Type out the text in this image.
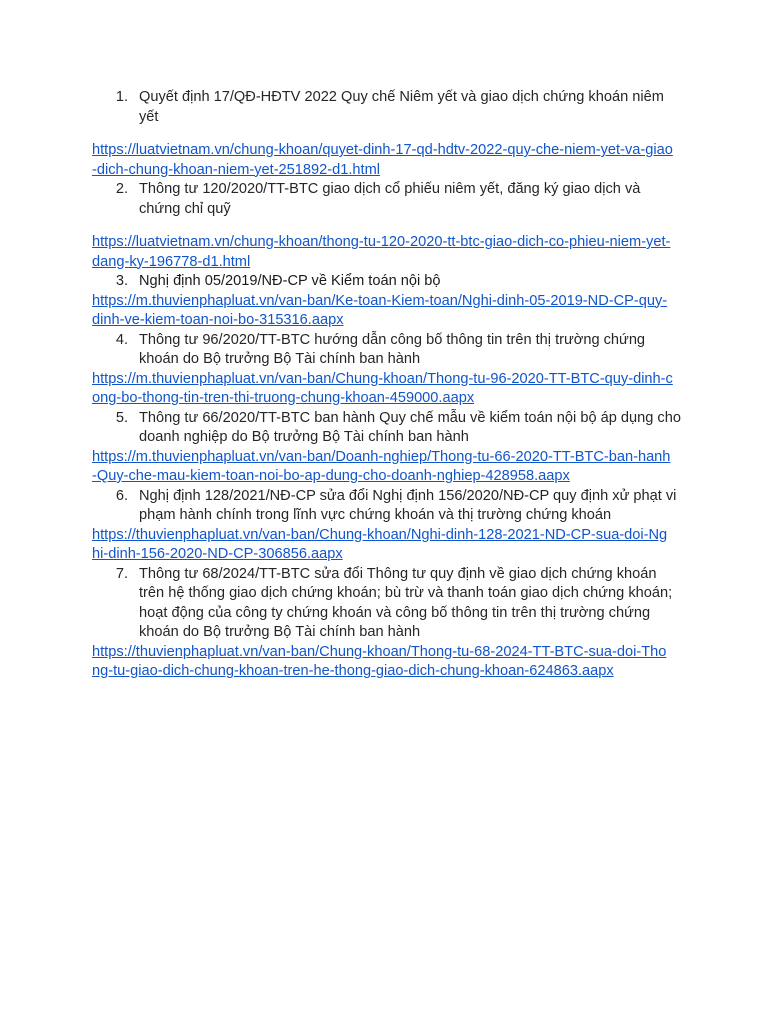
1. Quyết định 17/QĐ-HĐTV 2022 Quy chế Niêm yết và giao dịch chứng khoán niêm yết
https://luatvietnam.vn/chung-khoan/quyet-dinh-17-qd-hdtv-2022-quy-che-niem-yet-va-giao-dich-chung-khoan-niem-yet-251892-d1.html
2. Thông tư 120/2020/TT-BTC giao dịch cổ phiếu niêm yết, đăng ký giao dịch và chứng chỉ quỹ
https://luatvietnam.vn/chung-khoan/thong-tu-120-2020-tt-btc-giao-dich-co-phieu-niem-yet-dang-ky-196778-d1.html
3. Nghị định 05/2019/NĐ-CP về Kiểm toán nội bộ
https://m.thuvienphapluat.vn/van-ban/Ke-toan-Kiem-toan/Nghi-dinh-05-2019-ND-CP-quy-dinh-ve-kiem-toan-noi-bo-315316.aapx
4. Thông tư 96/2020/TT-BTC hướng dẫn công bố thông tin trên thị trường chứng khoán do Bộ trưởng Bộ Tài chính ban hành
https://m.thuvienphapluat.vn/van-ban/Chung-khoan/Thong-tu-96-2020-TT-BTC-quy-dinh-cong-bo-thong-tin-tren-thi-truong-chung-khoan-459000.aapx
5. Thông tư 66/2020/TT-BTC ban hành Quy chế mẫu về kiểm toán nội bộ áp dụng cho doanh nghiệp do Bộ trưởng Bộ Tài chính ban hành
https://m.thuvienphapluat.vn/van-ban/Doanh-nghiep/Thong-tu-66-2020-TT-BTC-ban-hanh-Quy-che-mau-kiem-toan-noi-bo-ap-dung-cho-doanh-nghiep-428958.aapx
6. Nghị định 128/2021/NĐ-CP sửa đổi Nghị định 156/2020/NĐ-CP quy định xử phạt vi phạm hành chính trong lĩnh vực chứng khoán và thị trường chứng khoán
https://thuvienphapluat.vn/van-ban/Chung-khoan/Nghi-dinh-128-2021-ND-CP-sua-doi-Nghi-dinh-156-2020-ND-CP-306856.aapx
7. Thông tư 68/2024/TT-BTC sửa đổi Thông tư quy định về giao dịch chứng khoán trên hệ thống giao dịch chứng khoán; bù trừ và thanh toán giao dịch chứng khoán; hoạt động của công ty chứng khoán và công bố thông tin trên thị trường chứng khoán do Bộ trưởng Bộ Tài chính ban hành
https://thuvienphapluat.vn/van-ban/Chung-khoan/Thong-tu-68-2024-TT-BTC-sua-doi-Thong-tu-giao-dich-chung-khoan-tren-he-thong-giao-dich-chung-khoan-624863.aapx
